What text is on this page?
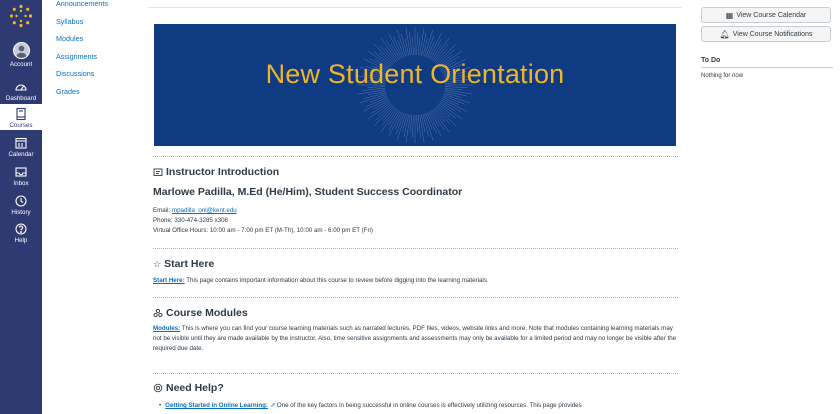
Account
Dashboard
Courses
Calendar
Inbox
History
Help
Announcements
Syllabus
Modules
Assignments
Discussions
Grades
New Student Orientation
Instructor Introduction
Marlowe Padilla, M.Ed (He/Him), Student Success Coordinator
Email: mpadilla_onl@kent.edu
Phone: 330-474-3285 x308
Virtual Office Hours: 10:00 am - 7:00 pm ET (M-Th), 10:00 am - 6:00 pm ET (Fri)
☆ Start Here
Start Here: This page contains important information about this course to review before digging into the learning materials.
Course Modules
Modules: This is where you can find your course learning materials such as narrated lectures, PDF files, videos, website links and more. Note that modules containing learning materials may not be visible until they are made available by the instructor. Also, time sensitive assignments and assessments may only be available for a limited period and may no longer be visible after the required due date.
Need Help?
• Getting Started in Online Learning: ⇗ One of the key factors in being successful in online courses is effectively utilizing resources. This page provides
▦ View Course Calendar
🔔︎ View Course Notifications
To Do
Nothing for now
